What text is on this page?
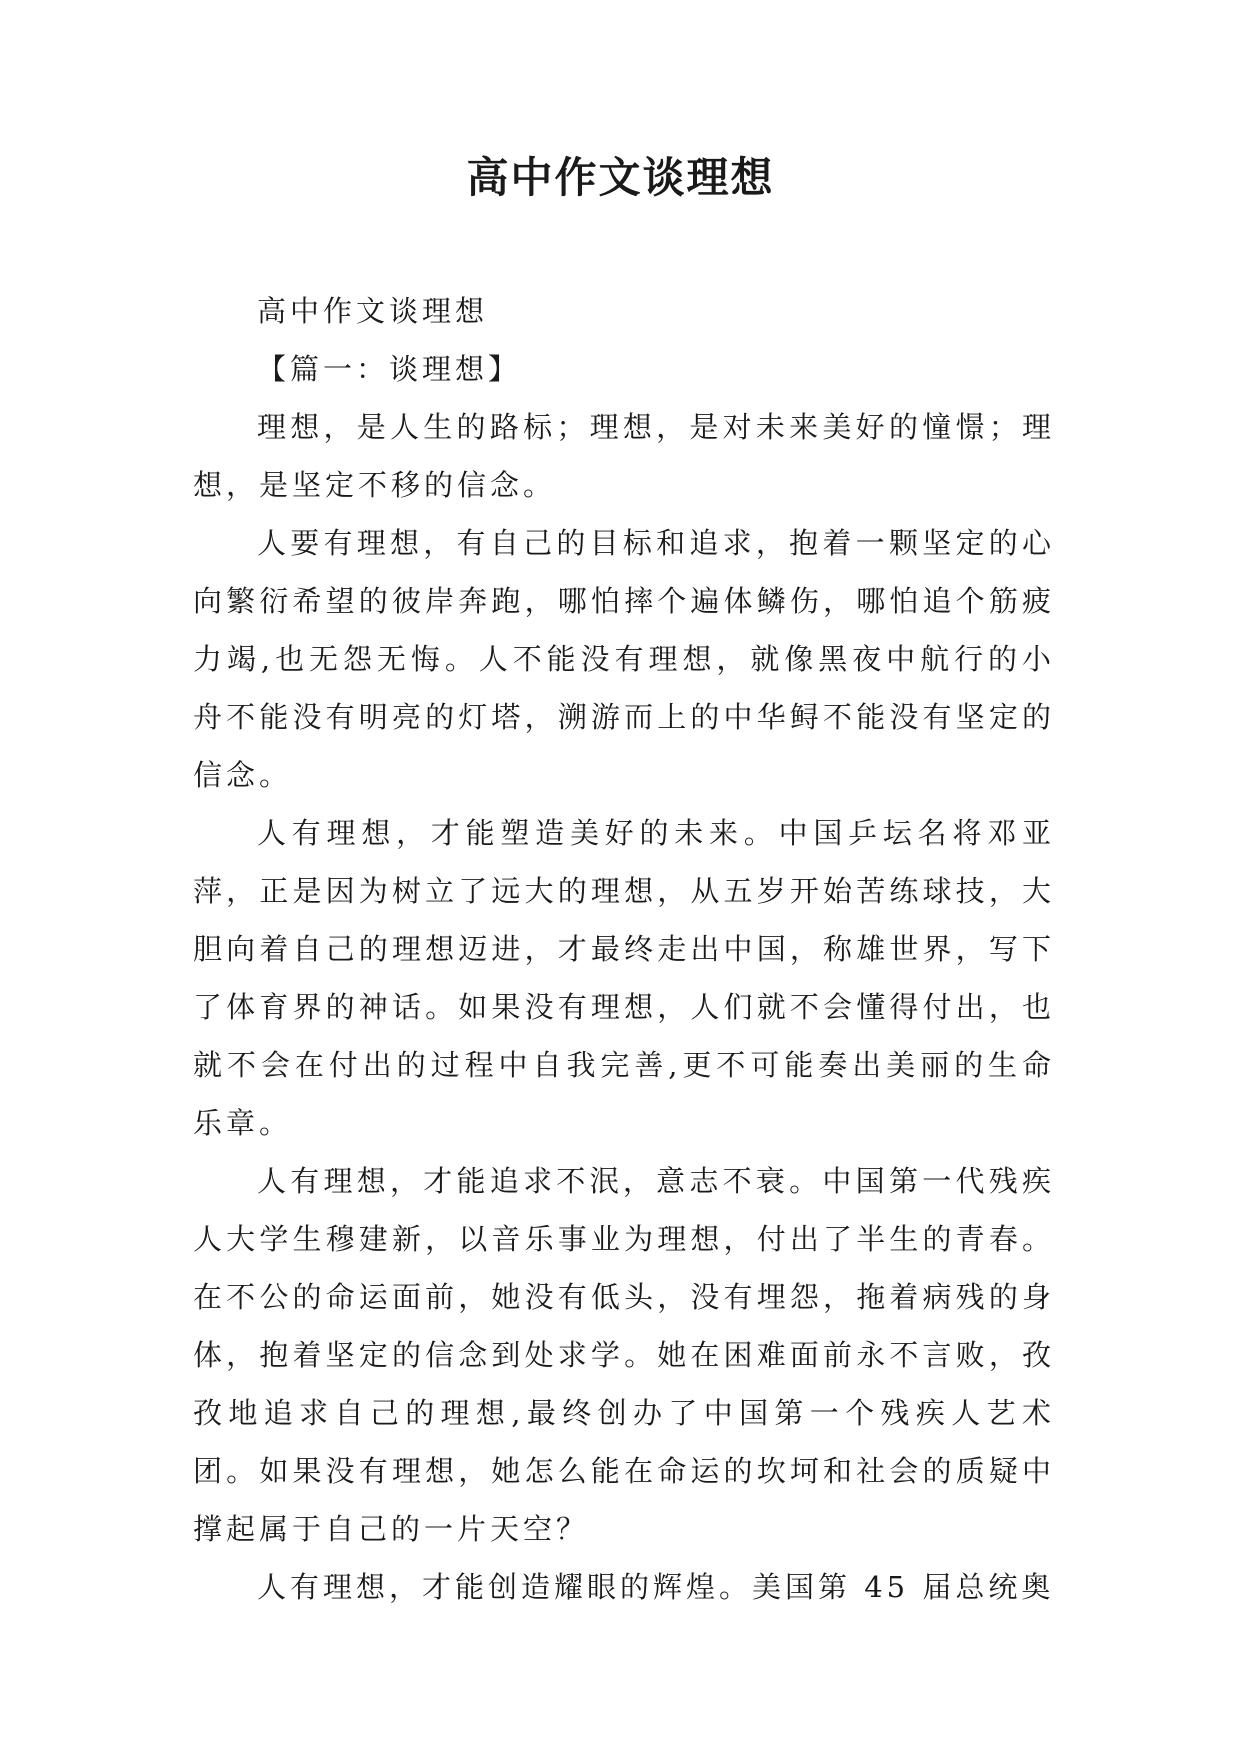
高中作文谈理想

高中作文谈理想

【篇一：谈理想】

理想，是人生的路标；理想，是对未来美好的憧憬；理想，是坚定不移的信念。

人要有理想，有自己的目标和追求，抱着一颗坚定的心向繁衍希望的彼岸奔跑，哪怕摔个遍体鳞伤，哪怕追个筋疲力竭,也无怨无悔。人不能没有理想，就像黑夜中航行的小舟不能没有明亮的灯塔，溯游而上的中华鲟不能没有坚定的信念。

人有理想，才能塑造美好的未来。中国乒坛名将邓亚萍，正是因为树立了远大的理想，从五岁开始苦练球技，大胆向着自己的理想迈进，才最终走出中国，称雄世界，写下了体育界的神话。如果没有理想，人们就不会懂得付出，也就不会在付出的过程中自我完善,更不可能奏出美丽的生命乐章。

人有理想，才能追求不泯，意志不衰。中国第一代残疾人大学生穆建新，以音乐事业为理想，付出了半生的青春。在不公的命运面前，她没有低头，没有埋怨，拖着病残的身体，抱着坚定的信念到处求学。她在困难面前永不言败，孜孜地追求自己的理想,最终创办了中国第一个残疾人艺术团。如果没有理想，她怎么能在命运的坎坷和社会的质疑中撑起属于自己的一片天空？

人有理想，才能创造耀眼的辉煌。美国第 45 届总统奥
